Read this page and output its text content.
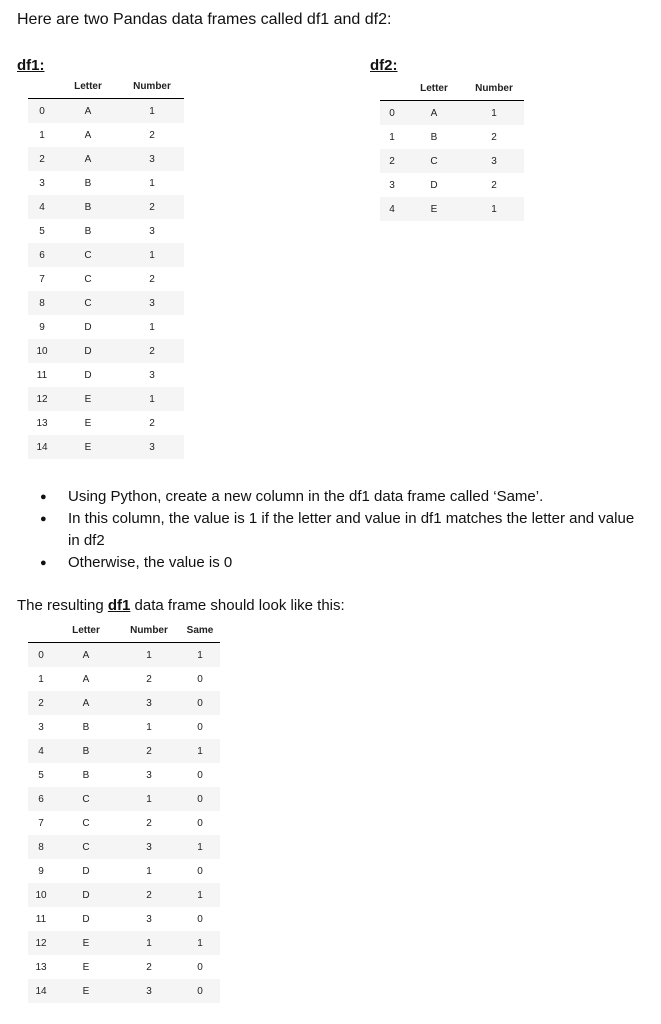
Here are two Pandas data frames called df1 and df2:
df1:	df2:
	Letter	Number
0	A	1
1	A	2
2	A	3
3	B	1
4	B	2
5	B	3
6	C	1
7	C	2
8	C	3
9	D	1
10	D	2
11	D	3
12	E	1
13	E	2
14	E	3
	Letter	Number
0	A	1
1	B	2
2	C	3
3	D	2
4	E	1
● Using Python, create a new column in the df1 data frame called ‘Same’.
● In this column, the value is 1 if the letter and value in df1 matches the letter and value in df2
● Otherwise, the value is 0
The resulting df1 data frame should look like this:
	Letter	Number	Same
0	A	1	1
1	A	2	0
2	A	3	0
3	B	1	0
4	B	2	1
5	B	3	0
6	C	1	0
7	C	2	0
8	C	3	1
9	D	1	0
10	D	2	1
11	D	3	0
12	E	1	1
13	E	2	0
14	E	3	0
